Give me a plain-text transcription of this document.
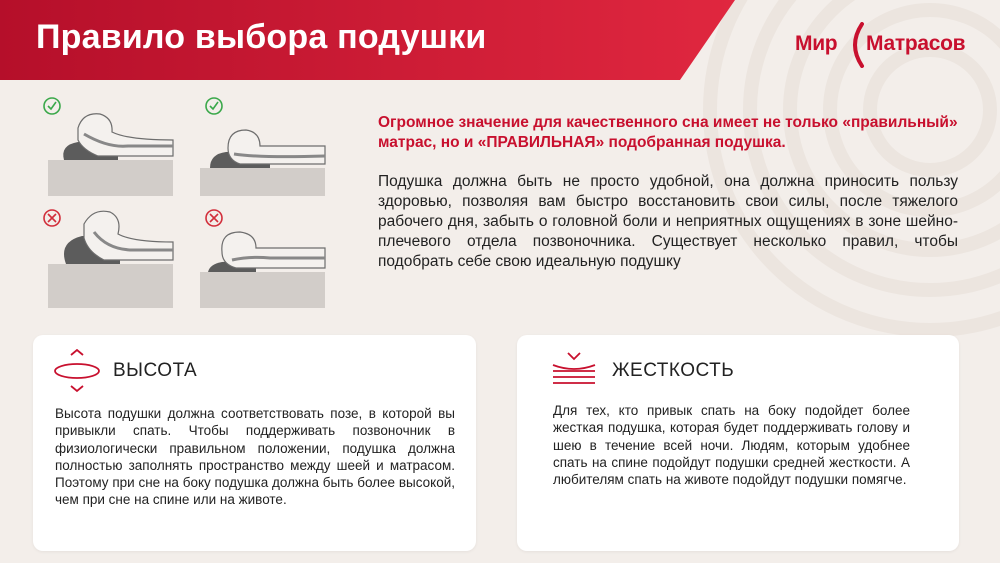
Правило выбора подушки	Мир Матрасов
Огромное значение для качественного сна имеет не только «правильный» матрас, но и «ПРАВИЛЬНАЯ» подобранная подушка.
Подушка должна быть не просто удобной, она должна приносить пользу здоровью, позволяя вам быстро восстановить свои силы, после тяжелого рабочего дня, забыть о головной боли и неприятных ощущениях в зоне шейно-плечевого отдела позвоночника. Существует несколько правил, чтобы подобрать себе свою идеальную подушку
ВЫСОТА
Высота подушки должна соответствовать позе, в которой вы привыкли спать. Чтобы поддерживать позвоночник в физиологически правильном положении, подушка должна полностью заполнять пространство между шеей и матрасом. Поэтому при сне на боку подушка должна быть более высокой, чем при сне на спине или на животе.
ЖЕСТКОСТЬ
Для тех, кто привык спать на боку подойдет более жесткая подушка, которая будет поддерживать голову и шею в течение всей ночи. Людям, которым удобнее спать на спине подойдут подушки средней жесткости. А любителям спать на животе подойдут подушки помягче.
